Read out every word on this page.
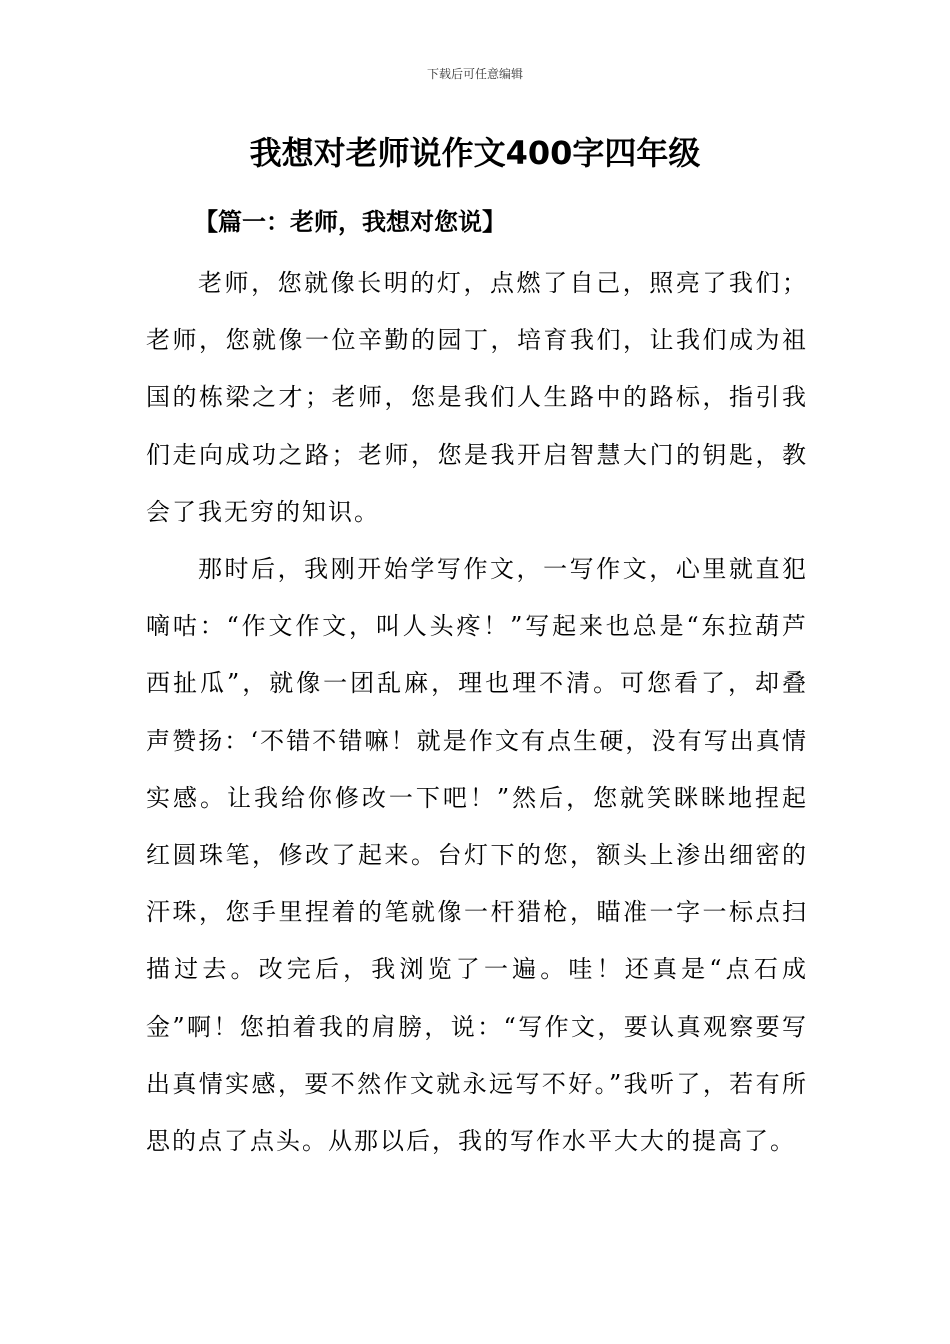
下载后可任意编辑
我想对老师说作文400字四年级
【篇一：老师，我想对您说】

老师，您就像长明的灯，点燃了自己，照亮了我们；老师，您就像一位辛勤的园丁，培育我们，让我们成为祖国的栋梁之才；老师，您是我们人生路中的路标，指引我们走向成功之路；老师，您是我开启智慧大门的钥匙，教会了我无穷的知识。

那时后，我刚开始学写作文，一写作文，心里就直犯嘀咕：“作文作文，叫人头疼！”写起来也总是“东拉葫芦西扯瓜”，就像一团乱麻，理也理不清。可您看了，却叠声赞扬：‘不错不错嘛！就是作文有点生硬，没有写出真情实感。让我给你修改一下吧！”然后，您就笑眯眯地捏起红圆珠笔，修改了起来。台灯下的您，额头上渗出细密的汗珠，您手里捏着的笔就像一杆猎枪，瞄准一字一标点扫描过去。改完后，我浏览了一遍。哇！还真是“点石成金”啊！您拍着我的肩膀，说：“写作文，要认真观察要写出真情实感，要不然作文就永远写不好。”我听了，若有所思的点了点头。从那以后，我的写作水平大大的提高了。
